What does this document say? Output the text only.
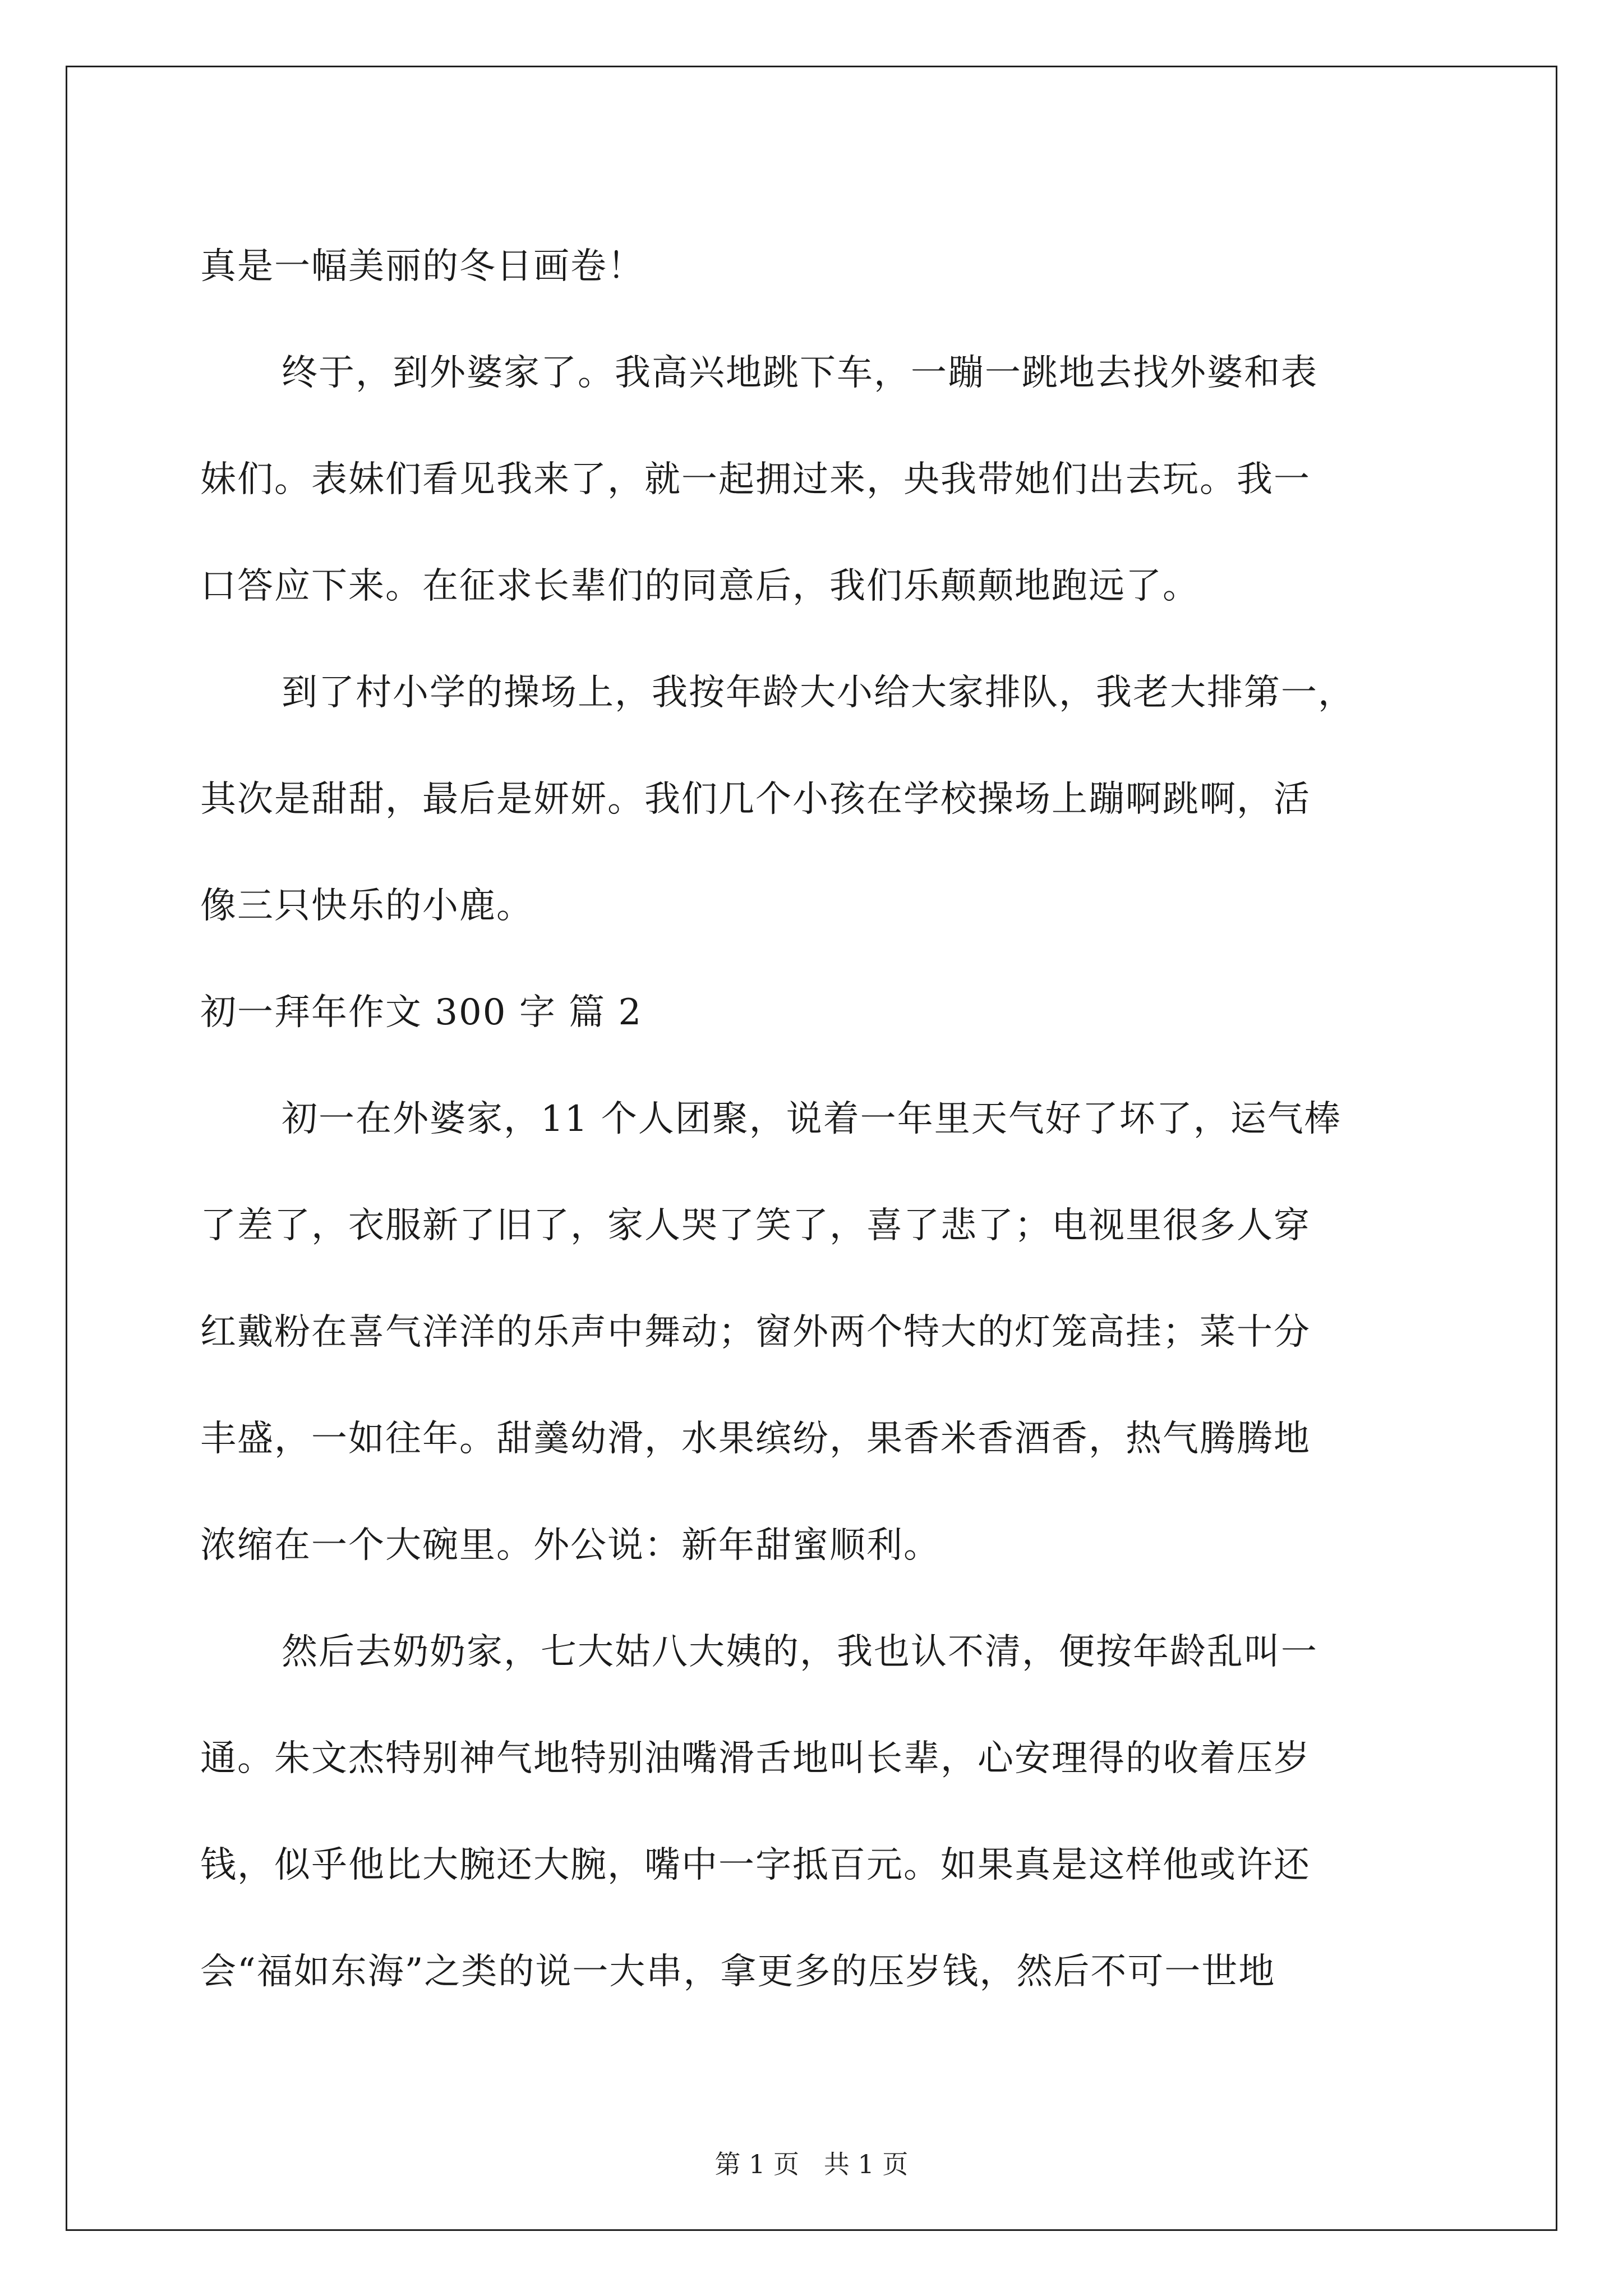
真是一幅美丽的冬日画卷！
终于，到外婆家了。我高兴地跳下车，一蹦一跳地去找外婆和表
妹们。表妹们看见我来了，就一起拥过来，央我带她们出去玩。我一
口答应下来。在征求长辈们的同意后，我们乐颠颠地跑远了。
到了村小学的操场上，我按年龄大小给大家排队，我老大排第一，
其次是甜甜，最后是妍妍。我们几个小孩在学校操场上蹦啊跳啊，活
像三只快乐的小鹿。
初一拜年作文 300 字 篇 2
初一在外婆家，11 个人团聚，说着一年里天气好了坏了，运气棒
了差了，衣服新了旧了，家人哭了笑了，喜了悲了；电视里很多人穿
红戴粉在喜气洋洋的乐声中舞动；窗外两个特大的灯笼高挂；菜十分
丰盛，一如往年。甜羹幼滑，水果缤纷，果香米香酒香，热气腾腾地
浓缩在一个大碗里。外公说：新年甜蜜顺利。
然后去奶奶家，七大姑八大姨的，我也认不清，便按年龄乱叫一
通。朱文杰特别神气地特别油嘴滑舌地叫长辈，心安理得的收着压岁
钱，似乎他比大腕还大腕，嘴中一字抵百元。如果真是这样他或许还
会“福如东海”之类的说一大串，拿更多的压岁钱，然后不可一世地
第 1 页   共 1 页
